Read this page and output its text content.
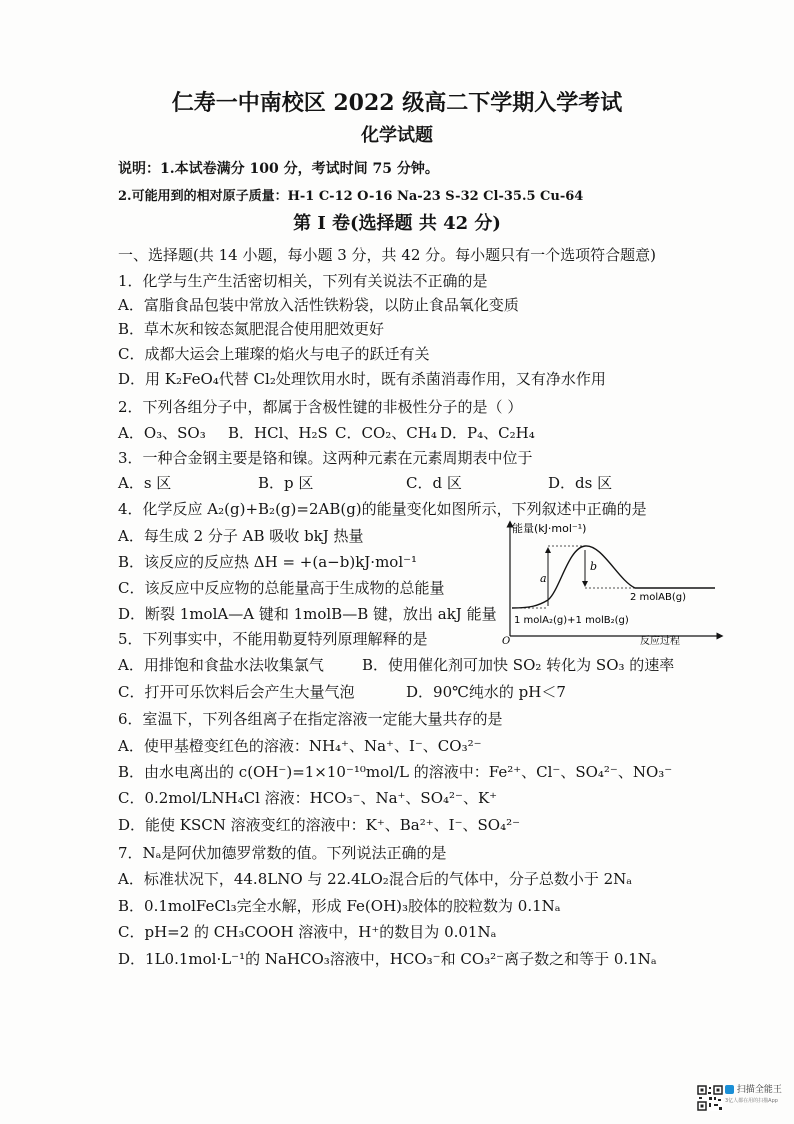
仁寿一中南校区 2022 级高二下学期入学考试
化学试题
说明：1.本试卷满分 100 分，考试时间 75 分钟。
2.可能用到的相对原子质量：H-1 C-12 O-16 Na-23 S-32 Cl-35.5 Cu-64
第 I 卷(选择题 共 42 分)
一、选择题(共 14 小题，每小题 3 分，共 42 分。每小题只有一个选项符合题意)
1．化学与生产生活密切相关，下列有关说法不正确的是
A．富脂食品包装中常放入活性铁粉袋，以防止食品氧化变质
B．草木灰和铵态氮肥混合使用肥效更好
C．成都大运会上璀璨的焰火与电子的跃迁有关
D．用 K₂FeO₄代替 Cl₂处理饮用水时，既有杀菌消毒作用，又有净水作用
2．下列各组分子中，都属于含极性键的非极性分子的是（ ）
A．O₃、SO₃ B．HCl、H₂S C．CO₂、CH₄ D．P₄、C₂H₄
3．一种合金钢主要是铬和镍。这两种元素在元素周期表中位于
A．s 区	B．p 区	C．d 区	D．ds 区
4．化学反应 A₂(g)+B₂(g)=2AB(g)的能量变化如图所示，下列叙述中正确的是
A．每生成 2 分子 AB 吸收 bkJ 热量
B．该反应的反应热 ΔH = +(a−b)kJ·mol⁻¹
C．该反应中反应物的总能量高于生成物的总能量
D．断裂 1molA—A 键和 1molB—B 键，放出 akJ 能量
能量(kJ·mol⁻¹)
反应过程
O
a
b
2 molAB(g)
1 molA₂(g)+1 molB₂(g)
5．下列事实中，不能用勒夏特列原理解释的是
A．用排饱和食盐水法收集氯气	B．使用催化剂可加快 SO₂ 转化为 SO₃ 的速率
C．打开可乐饮料后会产生大量气泡	D．90℃纯水的 pH＜7
6．室温下，下列各组离子在指定溶液一定能大量共存的是
A．使甲基橙变红色的溶液：NH₄⁺、Na⁺、I⁻、CO₃²⁻
B．由水电离出的 c(OH⁻)=1×10⁻¹⁰mol/L 的溶液中：Fe²⁺、Cl⁻、SO₄²⁻、NO₃⁻
C．0.2mol/LNH₄Cl 溶液：HCO₃⁻、Na⁺、SO₄²⁻、K⁺
D．能使 KSCN 溶液变红的溶液中：K⁺、Ba²⁺、I⁻、SO₄²⁻
7．Nₐ是阿伏加德罗常数的值。下列说法正确的是
A．标准状况下，44.8LNO 与 22.4LO₂混合后的气体中，分子总数小于 2Nₐ
B．0.1molFeCl₃完全水解，形成 Fe(OH)₃胶体的胶粒数为 0.1Nₐ
C．pH=2 的 CH₃COOH 溶液中，H⁺的数目为 0.01Nₐ
D．1L0.1mol·L⁻¹的 NaHCO₃溶液中，HCO₃⁻和 CO₃²⁻离子数之和等于 0.1Nₐ
扫描全能王
3亿人都在用的扫描App
